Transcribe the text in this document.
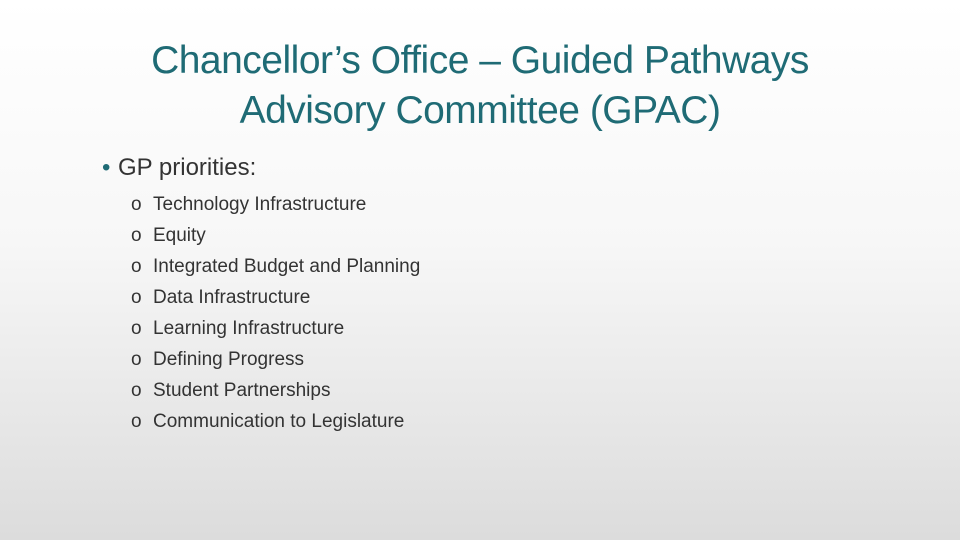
Chancellor’s Office – Guided Pathways
Advisory Committee (GPAC)
• GP priorities:
o Technology Infrastructure
o Equity
o Integrated Budget and Planning
o Data Infrastructure
o Learning Infrastructure
o Defining Progress
o Student Partnerships
o Communication to Legislature
